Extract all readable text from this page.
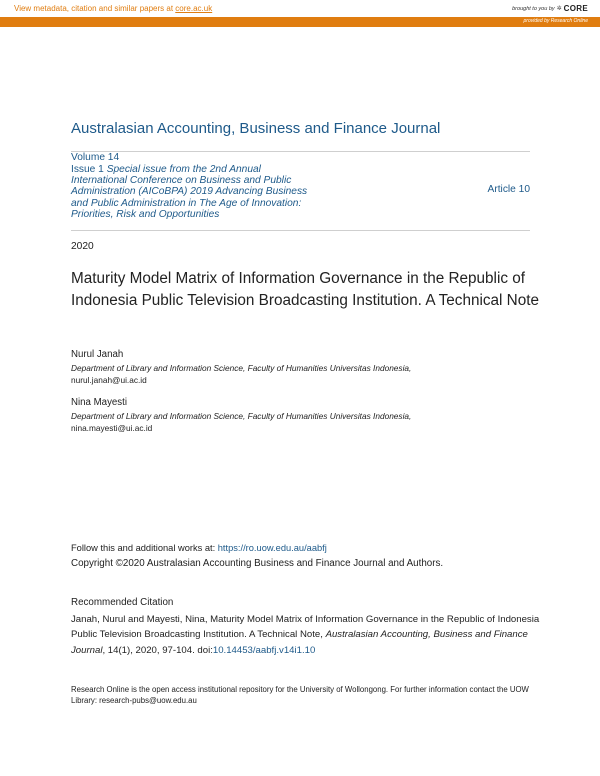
View metadata, citation and similar papers at core.ac.uk	brought to you by ✲ CORE
provided by Research Online
Australasian Accounting, Business and Finance Journal
Volume 14
Issue 1 Special issue from the 2nd Annual International Conference on Business and Public Administration (AICoBPA) 2019 Advancing Business and Public Administration in The Age of Innovation: Priorities, Risk and Opportunities
Article 10
2020
Maturity Model Matrix of Information Governance in the Republic of Indonesia Public Television Broadcasting Institution. A Technical Note
Nurul Janah
Department of Library and Information Science, Faculty of Humanities Universitas Indonesia,
nurul.janah@ui.ac.id
Nina Mayesti
Department of Library and Information Science, Faculty of Humanities Universitas Indonesia,
nina.mayesti@ui.ac.id
Follow this and additional works at: https://ro.uow.edu.au/aabfj
Copyright ©2020 Australasian Accounting Business and Finance Journal and Authors.
Recommended Citation
Janah, Nurul and Mayesti, Nina, Maturity Model Matrix of Information Governance in the Republic of Indonesia Public Television Broadcasting Institution. A Technical Note, Australasian Accounting, Business and Finance Journal, 14(1), 2020, 97-104. doi:10.14453/aabfj.v14i1.10
Research Online is the open access institutional repository for the University of Wollongong. For further information contact the UOW Library: research-pubs@uow.edu.au
